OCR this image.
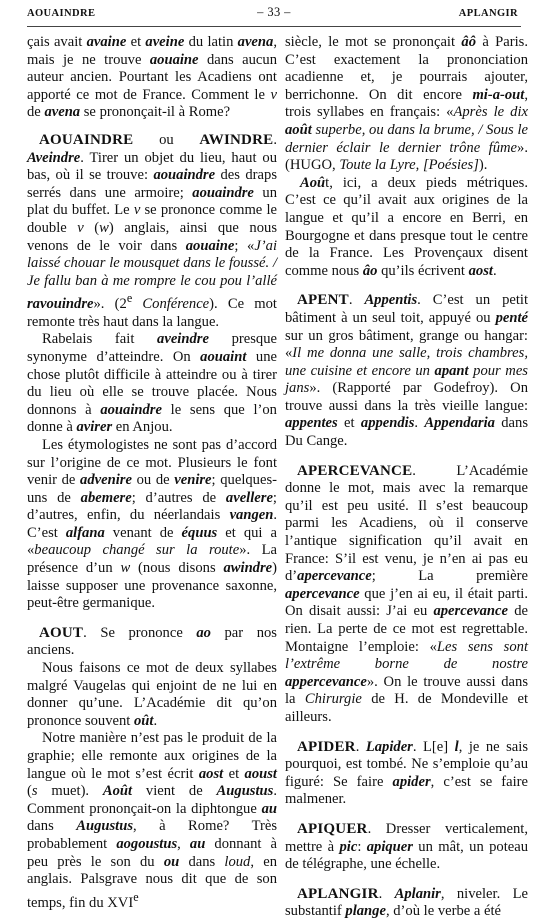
AOUAINDRE	– 33 –	APLANGIR

çais avait avaine et aveine du latin avena, mais je ne trouve aouaine dans aucun auteur ancien. Pourtant les Acadiens ont apporté ce mot de France. Comment le v de avena se prononçait-il à Rome?

AOUAINDRE ou AWINDRE. Aveindre. Tirer un objet du lieu, haut ou bas, où il se trouve: aouaindre des draps serrés dans une armoire; aouaindre un plat du buffet. Le v se prononce comme le double v (w) anglais, ainsi que nous venons de le voir dans aouaine; «J’ai laissé chouar le mousquet dans le foussé. / Je fallu ban à me rompre le cou pou l’allé ravouindre». (2e Conférence). Ce mot remonte très haut dans la langue.

Rabelais fait aveindre presque synonyme d’atteindre. On aouaint une chose plutôt difficile à atteindre ou à tirer du lieu où elle se trouve placée. Nous donnons à aouaindre le sens que l’on donne à avirer en Anjou.

Les étymologistes ne sont pas d’accord sur l’origine de ce mot. Plusieurs le font venir de advenire ou de venire; quelques-uns de abemere; d’autres de avellere; d’autres, enfin, du néerlandais vangen. C’est alfana venant de équus et qui a «beaucoup changé sur la route». La présence d’un w (nous disons awindre) laisse supposer une provenance saxonne, peut-être germanique.

AOUT. Se prononce ao par nos anciens.

Nous faisons ce mot de deux syllabes malgré Vaugelas qui enjoint de ne lui en donner qu’une. L’Académie dit qu’on prononce souvent oût.

Notre manière n’est pas le produit de la graphie; elle remonte aux origines de la langue où le mot s’est écrit aost et aoust (s muet). Août vient de Augustus. Comment prononçait-on la diphtongue au dans Augustus, à Rome? Très probablement aogoustus, au donnant à peu près le son du ou dans loud, en anglais. Palsgrave nous dit que de son temps, fin du XVIe

siècle, le mot se prononçait âô à Paris. C’est exactement la prononciation acadienne et, je pourrais ajouter, berrichonne. On dit encore mi-a-out, trois syllabes en français: «Après le dix août superbe, ou dans la brume, / Sous le dernier éclair le dernier trône fûme». (HUGO, Toute la Lyre, [Poésies]).

Août, ici, a deux pieds métriques. C’est ce qu’il avait aux origines de la langue et qu’il a encore en Berri, en Bourgogne et dans presque tout le centre de la France. Les Provençaux disent comme nous âo qu’ils écrivent aost.

APENT. Appentis. C’est un petit bâtiment à un seul toit, appuyé ou penté sur un gros bâtiment, grange ou hangar: «Il me donna une salle, trois chambres, une cuisine et encore un apant pour mes jans». (Rapporté par Godefroy). On trouve aussi dans la très vieille langue: appentes et appendis. Appendaria dans Du Cange.

APERCEVANCE. L’Académie donne le mot, mais avec la remarque qu’il est peu usité. Il s’est beaucoup parmi les Acadiens, où il conserve l’antique signification qu’il avait en France: S’il est venu, je n’en ai pas eu d’apercevance; La première apercevance que j’en ai eu, il était parti. On disait aussi: J’ai eu apercevance de rien. La perte de ce mot est regrettable. Montaigne l’emploie: «Les sens sont l’extrême borne de nostre appercevance». On le trouve aussi dans la Chirurgie de H. de Mondeville et ailleurs.

APIDER. Lapider. L[e] l, je ne sais pourquoi, est tombé. Ne s’emploie qu’au figuré: Se faire apider, c’est se faire malmener.

APIQUER. Dresser verticalement, mettre à pic: apiquer un mât, un poteau de télégraphe, une échelle.

APLANGIR. Aplanir, niveler. Le substantif plange, d’où le verbe a été
